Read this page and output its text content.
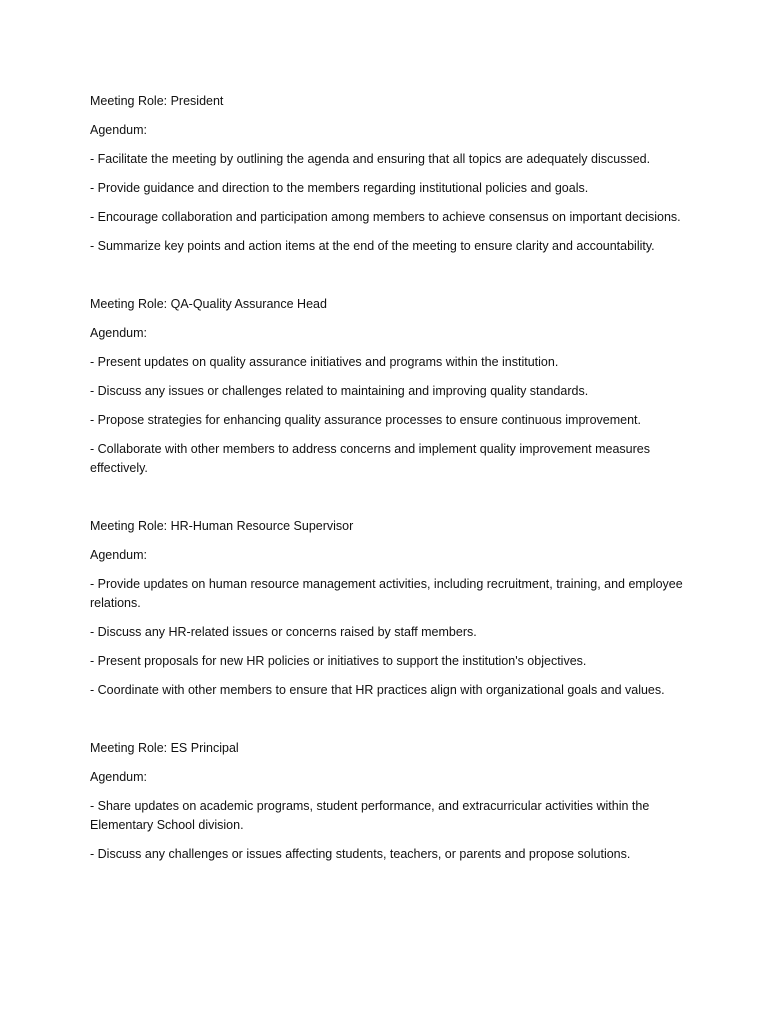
Meeting Role: President

Agendum:

- Facilitate the meeting by outlining the agenda and ensuring that all topics are adequately discussed.

- Provide guidance and direction to the members regarding institutional policies and goals.

- Encourage collaboration and participation among members to achieve consensus on important decisions.

- Summarize key points and action items at the end of the meeting to ensure clarity and accountability.

Meeting Role: QA-Quality Assurance Head

Agendum:

- Present updates on quality assurance initiatives and programs within the institution.

- Discuss any issues or challenges related to maintaining and improving quality standards.

- Propose strategies for enhancing quality assurance processes to ensure continuous improvement.

- Collaborate with other members to address concerns and implement quality improvement measures effectively.

Meeting Role: HR-Human Resource Supervisor

Agendum:

- Provide updates on human resource management activities, including recruitment, training, and employee relations.

- Discuss any HR-related issues or concerns raised by staff members.

- Present proposals for new HR policies or initiatives to support the institution's objectives.

- Coordinate with other members to ensure that HR practices align with organizational goals and values.

Meeting Role: ES Principal

Agendum:

- Share updates on academic programs, student performance, and extracurricular activities within the Elementary School division.

- Discuss any challenges or issues affecting students, teachers, or parents and propose solutions.
